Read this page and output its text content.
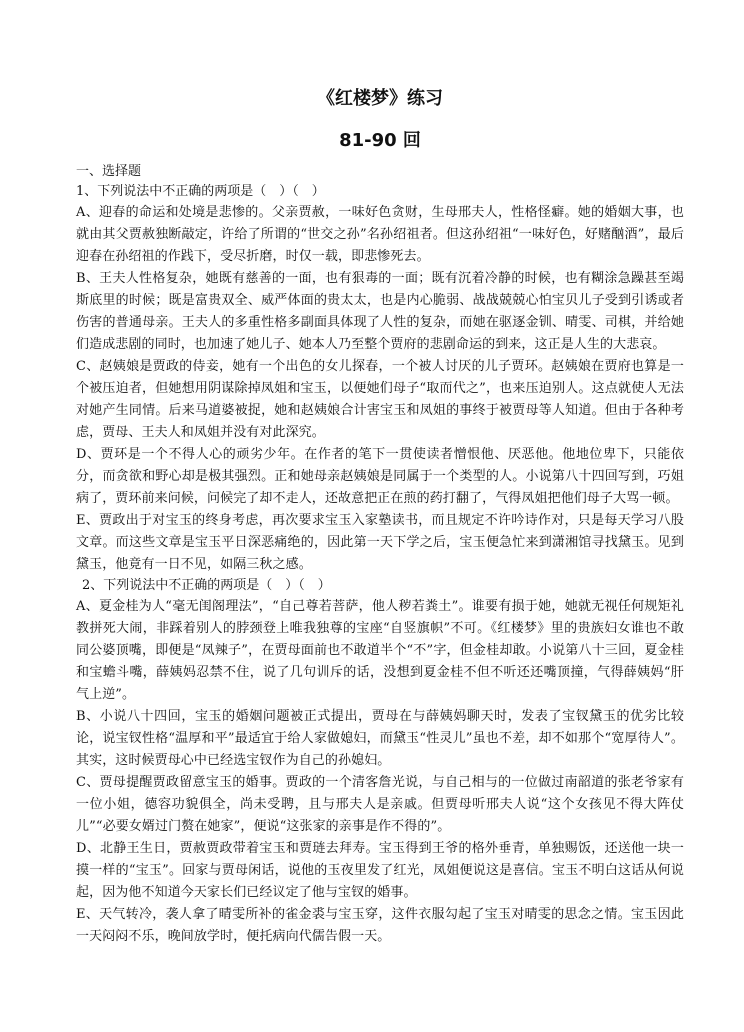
《红楼梦》练习
81-90 回

一、选择题

1、下列说法中不正确的两项是（　）（　）

A、迎春的命运和处境是悲惨的。父亲贾赦，一味好色贪财，生母邢夫人，性格怪癖。她的婚姻大事，也就由其父贾赦独断敲定，许给了所谓的“世交之孙”名孙绍祖者。但这孙绍祖“一味好色，好赌酗酒”，最后迎春在孙绍祖的作践下，受尽折磨，时仅一载，即悲惨死去。

B、王夫人性格复杂，她既有慈善的一面，也有狠毒的一面；既有沉着冷静的时候，也有糊涂急躁甚至竭斯底里的时候；既是富贵双全、威严体面的贵太太，也是内心脆弱、战战兢兢心怕宝贝儿子受到引诱或者伤害的普通母亲。王夫人的多重性格多副面具体现了人性的复杂，而她在驱逐金钏、晴雯、司棋，并给她们造成悲剧的同时，也加速了她儿子、她本人乃至整个贾府的悲剧命运的到来，这正是人生的大悲哀。

C、赵姨娘是贾政的侍妾，她有一个出色的女儿探春，一个被人讨厌的儿子贾环。赵姨娘在贾府也算是一个被压迫者，但她想用阴谋除掉凤姐和宝玉，以便她们母子“取而代之”，也来压迫别人。这点就使人无法对她产生同情。后来马道婆被捉，她和赵姨娘合计害宝玉和凤姐的事终于被贾母等人知道。但由于各种考虑，贾母、王夫人和凤姐并没有对此深究。

D、贾环是一个不得人心的顽劣少年。在作者的笔下一贯使读者憎恨他、厌恶他。他地位卑下，只能依分，而贪欲和野心却是极其强烈。正和她母亲赵姨娘是同属于一个类型的人。小说第八十四回写到，巧姐病了，贾环前来问候，问候完了却不走人，还故意把正在煎的药打翻了，气得凤姐把他们母子大骂一顿。

E、贾政出于对宝玉的终身考虑，再次要求宝玉入家塾读书，而且规定不许吟诗作对，只是每天学习八股文章。而这些文章是宝玉平日深恶痛绝的，因此第一天下学之后，宝玉便急忙来到潇湘馆寻找黛玉。见到黛玉，他竟有一日不见，如隔三秋之感。

2、下列说法中不正确的两项是（　）（　）

A、夏金桂为人“毫无闺阁理法”，“自己尊若菩萨，他人秽若粪土”。谁要有损于她，她就无视任何规矩礼教拼死大闹，非踩着别人的脖颈登上唯我独尊的宝座“自竖旗帜”不可。《红楼梦》里的贵族妇女谁也不敢同公婆顶嘴，即便是“凤辣子”，在贾母面前也不敢道半个“不”字，但金桂却敢。小说第八十三回，夏金桂和宝蟾斗嘴，薛姨妈忍禁不住，说了几句训斥的话，没想到夏金桂不但不听还还嘴顶撞，气得薛姨妈“肝气上逆”。

B、小说八十四回，宝玉的婚姻问题被正式提出，贾母在与薛姨妈聊天时，发表了宝钗黛玉的优劣比较论，说宝钗性格“温厚和平”最适宜于给人家做媳妇，而黛玉“性灵儿”虽也不差，却不如那个“宽厚待人”。其实，这时候贾母心中已经选宝钗作为自己的孙媳妇。

C、贾母提醒贾政留意宝玉的婚事。贾政的一个清客詹光说，与自己相与的一位做过南韶道的张老爷家有一位小姐，德容功貌俱全，尚未受聘，且与邢夫人是亲戚。但贾母听邢夫人说“这个女孩见不得大阵仗儿”“必要女婿过门赘在她家”，便说“这张家的亲事是作不得的”。

D、北静王生日，贾赦贾政带着宝玉和贾琏去拜寿。宝玉得到王爷的格外垂青，单独赐饭，还送他一块一摸一样的“宝玉”。回家与贾母闲话，说他的玉夜里发了红光，凤姐便说这是喜信。宝玉不明白这话从何说起，因为他不知道今天家长们已经议定了他与宝钗的婚事。

E、天气转冷，袭人拿了晴雯所补的雀金裘与宝玉穿，这件衣服勾起了宝玉对晴雯的思念之情。宝玉因此一天闷闷不乐，晚间放学时，便托病向代儒告假一天。
